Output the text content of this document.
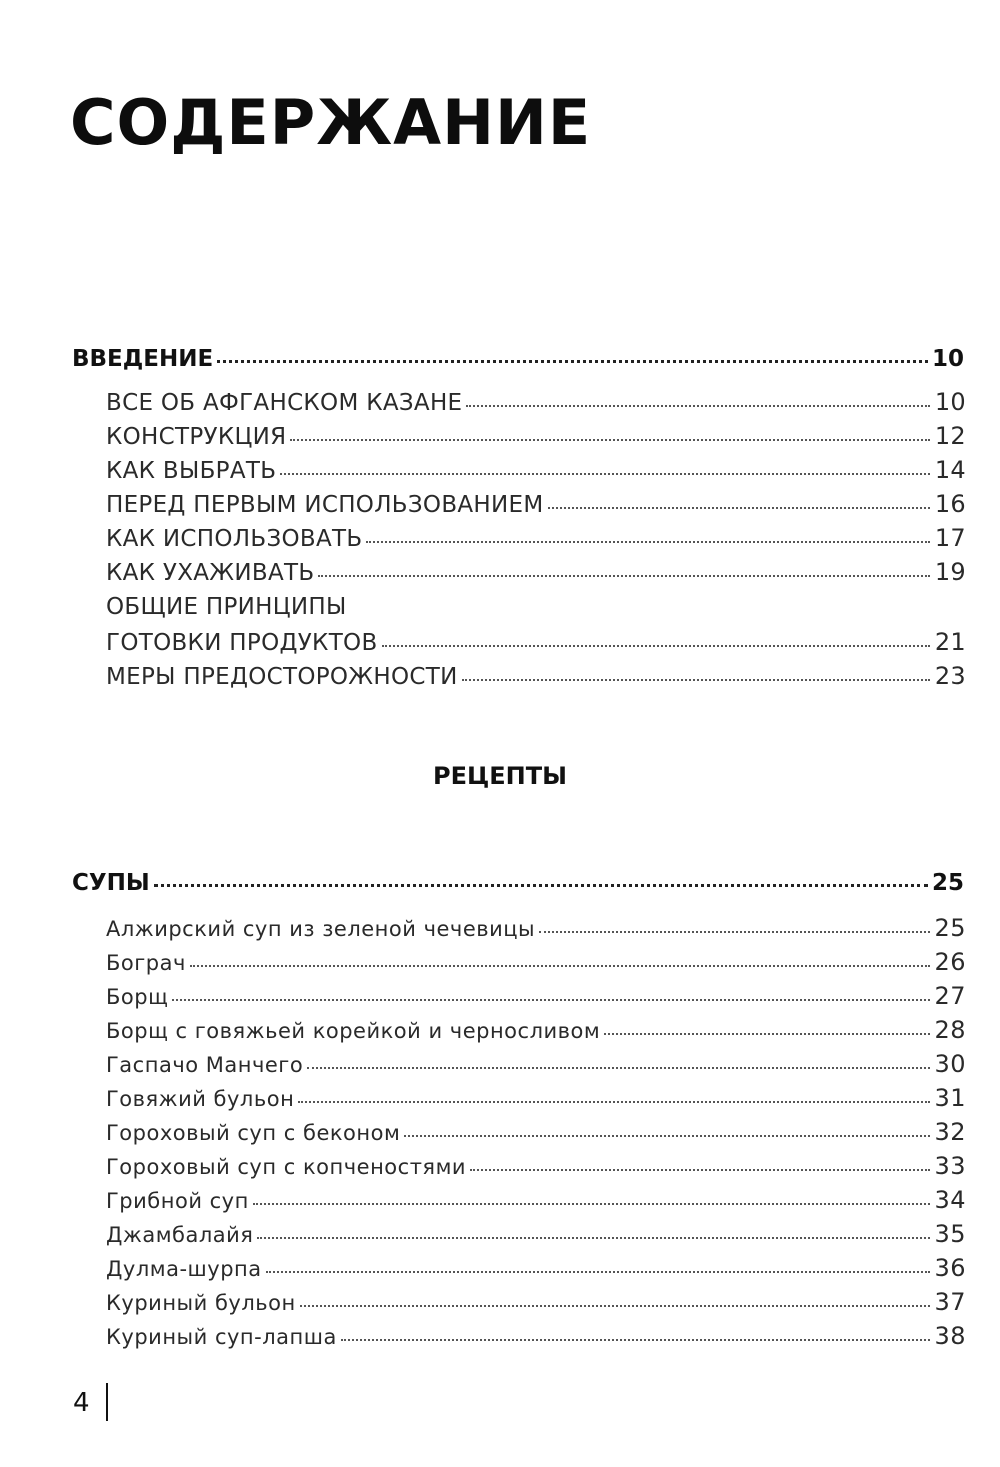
СОДЕРЖАНИЕ
ВВЕДЕНИЕ	10
ВСЕ ОБ АФГАНСКОМ КАЗАНЕ	10
КОНСТРУКЦИЯ	12
КАК ВЫБРАТЬ	14
ПЕРЕД ПЕРВЫМ ИСПОЛЬЗОВАНИЕМ	16
КАК ИСПОЛЬЗОВАТЬ	17
КАК УХАЖИВАТЬ	19
ОБЩИЕ ПРИНЦИПЫ
ГОТОВКИ ПРОДУКТОВ	21
МЕРЫ ПРЕДОСТОРОЖНОСТИ	23
РЕЦЕПТЫ
СУПЫ	25
Алжирский суп из зеленой чечевицы	25
Бограч	26
Борщ	27
Борщ с говяжьей корейкой и черносливом	28
Гаспачо Манчего	30
Говяжий бульон	31
Гороховый суп с беконом	32
Гороховый суп с копченостями	33
Грибной суп	34
Джамбалайя	35
Дулма-шурпа	36
Куриный бульон	37
Куриный суп-лапша	38
4
